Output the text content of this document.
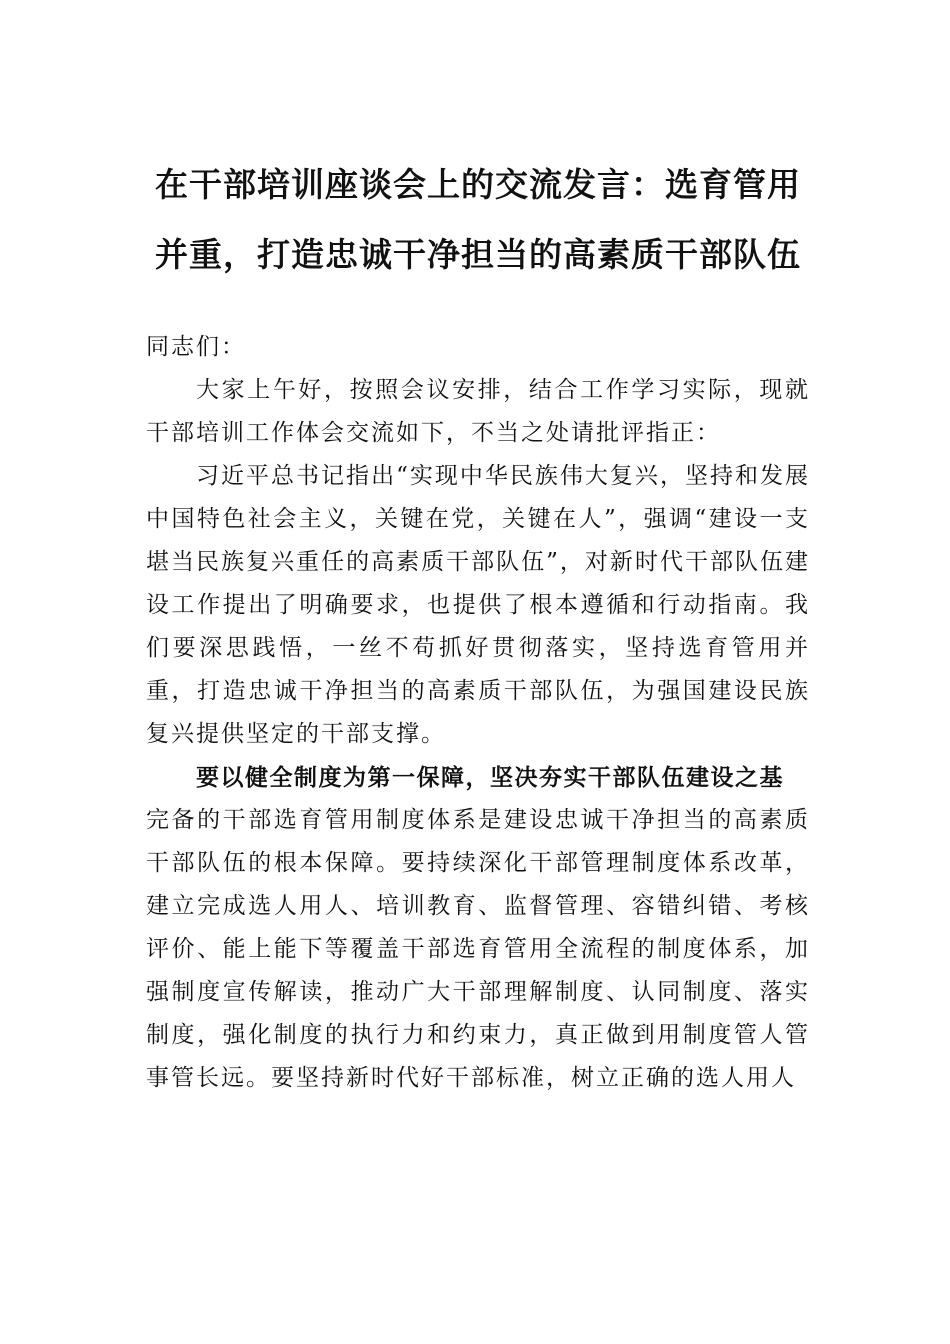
在干部培训座谈会上的交流发言：选育管用并重，打造忠诚干净担当的高素质干部队伍

同志们：

大家上午好，按照会议安排，结合工作学习实际，现就干部培训工作体会交流如下，不当之处请批评指正：

习近平总书记指出“实现中华民族伟大复兴，坚持和发展中国特色社会主义，关键在党，关键在人”，强调“建设一支堪当民族复兴重任的高素质干部队伍”，对新时代干部队伍建设工作提出了明确要求，也提供了根本遵循和行动指南。我们要深思践悟，一丝不苟抓好贯彻落实，坚持选育管用并重，打造忠诚干净担当的高素质干部队伍，为强国建设民族复兴提供坚定的干部支撑。

要以健全制度为第一保障，坚决夯实干部队伍建设之基

完备的干部选育管用制度体系是建设忠诚干净担当的高素质干部队伍的根本保障。要持续深化干部管理制度体系改革，建立完成选人用人、培训教育、监督管理、容错纠错、考核评价、能上能下等覆盖干部选育管用全流程的制度体系，加强制度宣传解读，推动广大干部理解制度、认同制度、落实制度，强化制度的执行力和约束力，真正做到用制度管人管事管长远。要坚持新时代好干部标准，树立正确的选人用人
